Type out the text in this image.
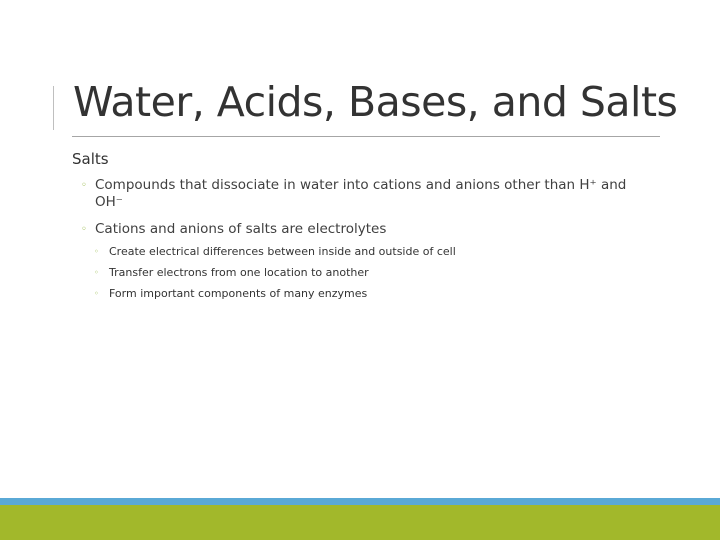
Water, Acids, Bases, and Salts
Salts
◦ Compounds that dissociate in water into cations and anions other than H⁺ and OH⁻
◦ Cations and anions of salts are electrolytes
◦ Create electrical differences between inside and outside of cell
◦ Transfer electrons from one location to another
◦ Form important components of many enzymes
